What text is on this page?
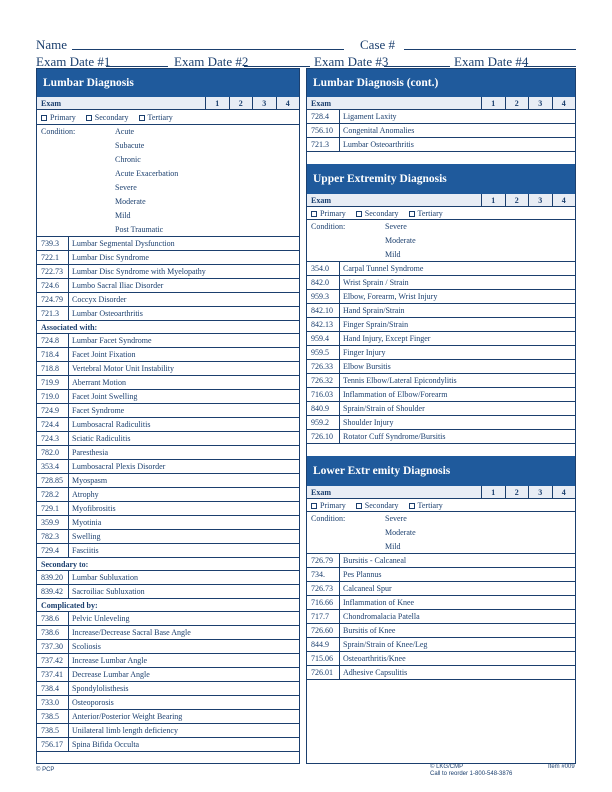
Name	Case #
Exam Date #1	Exam Date #2	Exam Date #3	Exam Date #4
Lumbar Diagnosis
Exam	1	2	3	4
Primary	Secondary	Tertiary
Condition:	Acute
Subacute
Chronic
Acute Exacerbation
Severe
Moderate
Mild
Post Traumatic
739.3	Lumbar Segmental Dysfunction
722.1	Lumbar Disc Syndrome
722.73	Lumbar Disc Syndrome with Myelopathy
724.6	Lumbo Sacral Iliac Disorder
724.79	Coccyx Disorder
721.3	Lumbar Osteoarthritis
Associated with:
724.8	Lumbar Facet Syndrome
718.4	Facet Joint Fixation
718.8	Vertebral Motor Unit Instability
719.9	Aberrant Motion
719.0	Facet Joint Swelling
724.9	Facet Syndrome
724.4	Lumbosacral Radiculitis
724.3	Sciatic Radiculitis
782.0	Paresthesia
353.4	Lumbosacral Plexis Disorder
728.85	Myospasm
728.2	Atrophy
729.1	Myofibrositis
359.9	Myotinia
782.3	Swelling
729.4	Fasciitis
Secondary to:
839.20	Lumbar Subluxation
839.42	Sacroiliac Subluxation
Complicated by:
738.6	Pelvic Unleveling
738.6	Increase/Decrease Sacral Base Angle
737.30	Scoliosis
737.42	Increase Lumbar Angle
737.41	Decrease Lumbar Angle
738.4	Spondylolisthesis
733.0	Osteoporosis
738.5	Anterior/Posterior Weight Bearing
738.5	Unilateral limb length deficiency
756.17	Spina Bifida Occulta
Lumbar Diagnosis (cont.)
Exam	1	2	3	4
728.4	Ligament Laxity
756.10	Congenital Anomalies
721.3	Lumbar Osteoarthritis
Upper Extremity Diagnosis
Exam	1	2	3	4
Primary	Secondary	Tertiary
Condition:	Severe
Moderate
Mild
354.0	Carpal Tunnel Syndrome
842.0	Wrist Sprain / Strain
959.3	Elbow, Forearm, Wrist Injury
842.10	Hand Sprain/Strain
842.13	Finger Sprain/Strain
959.4	Hand Injury, Except Finger
959.5	Finger Injury
726.33	Elbow Bursitis
726.32	Tennis Elbow/Lateral Epicondylitis
716.03	Inflammation of Elbow/Forearm
840.9	Sprain/Strain of Shoulder
959.2	Shoulder Injury
726.10	Rotator Cuff Syndrome/Bursitis
Lower Extr emity Diagnosis
Exam	1	2	3	4
Primary	Secondary	Tertiary
Condition:	Severe
Moderate
Mild
726.79	Bursitis - Calcaneal
734.	Pes Plannus
726.73	Calcaneal Spur
716.66	Inflammation of Knee
717.7	Chondromalacia Patella
726.60	Bursitis of Knee
844.9	Sprain/Strain of Knee/Leg
715.06	Osteoarthritis/Knee
726.01	Adhesive Capsulitis
© PCP	© LKG/CMP
Call to reorder 1-800-548-3876
Item #009
